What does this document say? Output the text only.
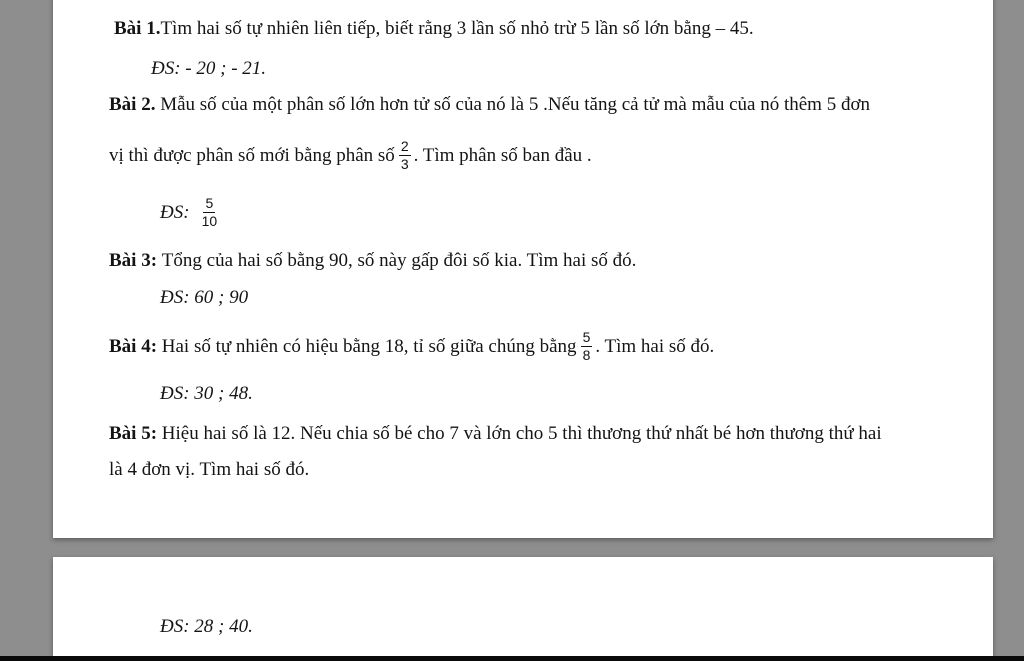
Bài 1. Tìm hai số tự nhiên liên tiếp, biết rằng 3 lần số nhỏ trừ 5 lần số lớn bằng – 45.
ĐS: - 20 ; - 21.
Bài 2.
Mẫu số của một phân số lớn hơn tử số của nó là 5 .Nếu tăng cả tử mà mẫu của nó thêm 5 đơn
vị thì được phân số mới bằng phân số $\frac{2}{3}$ . Tìm phân số ban đầu .
ĐS: $\frac{5}{10}$
Bài 3:
Tổng của hai số bằng 90, số này gấp đôi số kia. Tìm hai số đó.
ĐS: 60 ; 90
Bài 4:
Hai số tự nhiên có hiệu bằng 18, tỉ số giữa chúng bằng $\frac{5}{8}$ . Tìm hai số đó.
ĐS: 30 ; 48.
Bài 5:
Hiệu hai số là 12. Nếu chia số bé cho 7 và lớn cho 5 thì thương thứ nhất bé hơn thương thứ hai
là 4 đơn vị. Tìm hai số đó.
ĐS: 28 ; 40.
